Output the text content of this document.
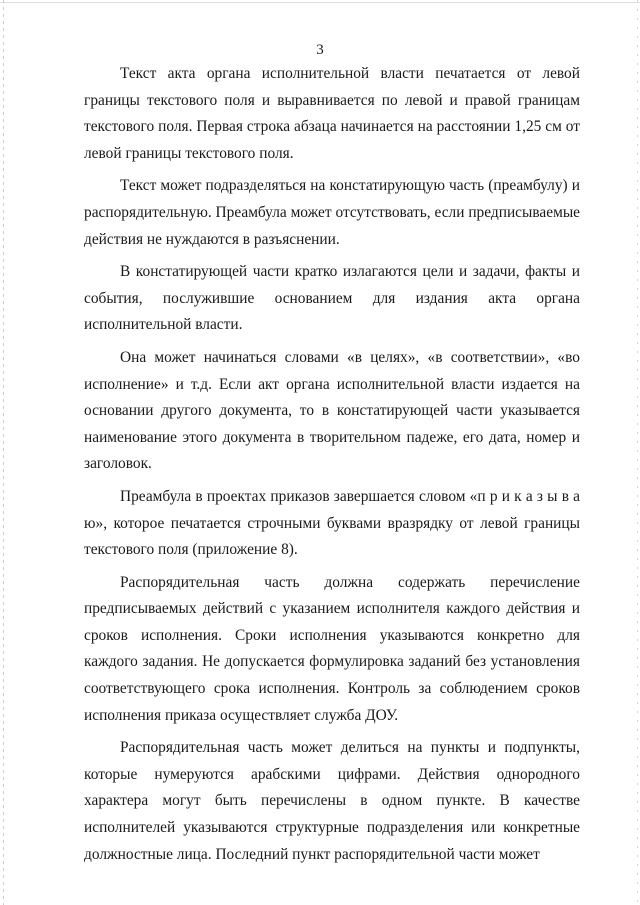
3

Текст акта органа исполнительной власти печатается от левой границы текстового поля и выравнивается по левой и правой границам текстового поля. Первая строка абзаца начинается на расстоянии 1,25 см от левой границы текстового поля.

Текст может подразделяться на констатирующую часть (преамбулу) и распорядительную. Преамбула может отсутствовать, если предписываемые действия не нуждаются в разъяснении.

В констатирующей части кратко излагаются цели и задачи, факты и события, послужившие основанием для издания акта органа исполнительной власти.

Она может начинаться словами «в целях», «в соответствии», «во исполнение» и т.д. Если акт органа исполнительной власти издается на основании другого документа, то в констатирующей части указывается наименование этого документа в творительном падеже, его дата, номер и заголовок.

Преамбула в проектах приказов завершается словом «п р и к а з ы в а ю», которое печатается строчными буквами вразрядку от левой границы текстового поля (приложение 8).

Распорядительная часть должна содержать перечисление предписываемых действий с указанием исполнителя каждого действия и сроков исполнения. Сроки исполнения указываются конкретно для каждого задания. Не допускается формулировка заданий без установления соответствующего срока исполнения. Контроль за соблюдением сроков исполнения приказа осуществляет служба ДОУ.

Распорядительная часть может делиться на пункты и подпункты, которые нумеруются арабскими цифрами. Действия однородного характера могут быть перечислены в одном пункте. В качестве исполнителей указываются структурные подразделения или конкретные должностные лица. Последний пункт распорядительной части может
